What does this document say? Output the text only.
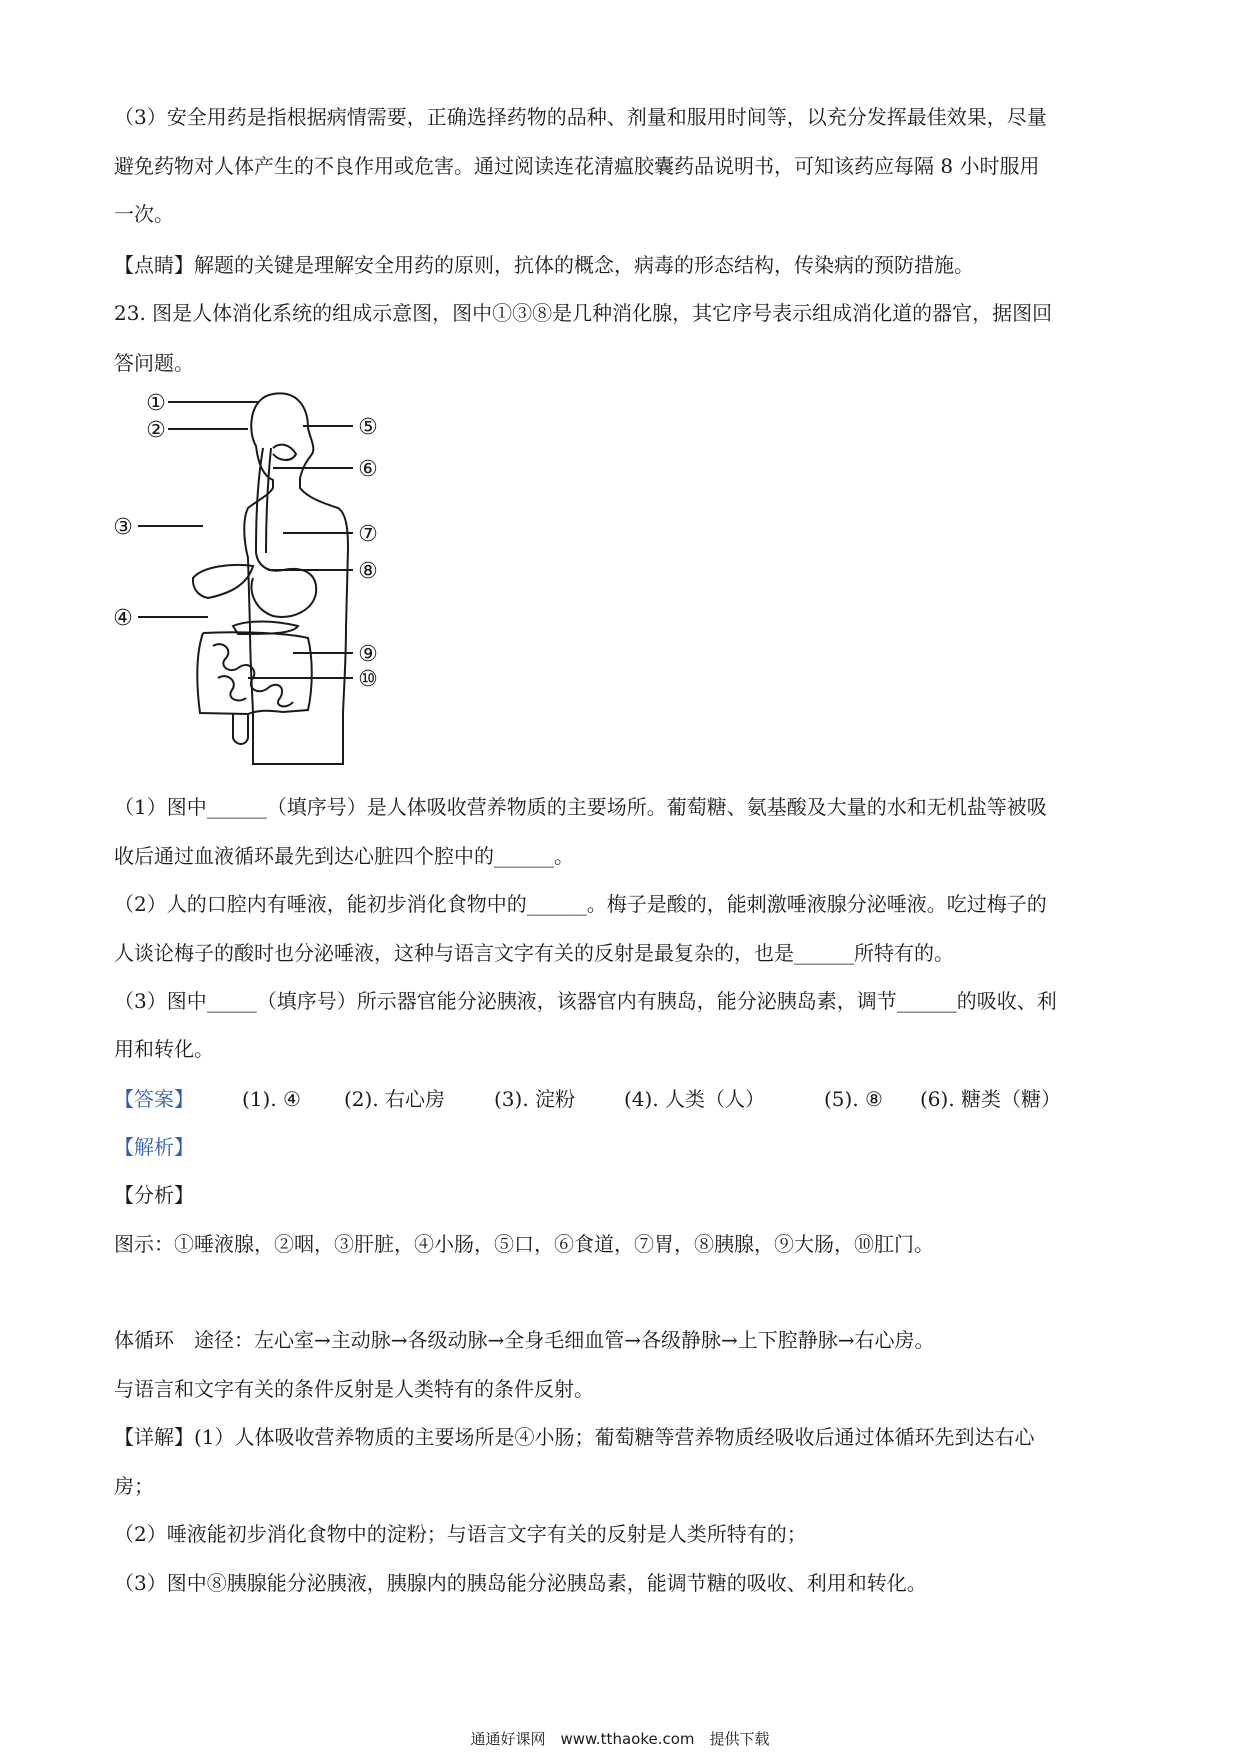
（3）安全用药是指根据病情需要，正确选择药物的品种、剂量和服用时间等，以充分发挥最佳效果，尽量
避免药物对人体产生的不良作用或危害。通过阅读连花清瘟胶囊药品说明书，可知该药应每隔 8 小时服用
一次。
【点睛】解题的关键是理解安全用药的原则，抗体的概念，病毒的形态结构，传染病的预防措施。
23. 图是人体消化系统的组成示意图，图中①③⑧是几种消化腺，其它序号表示组成消化道的器官，据图回
答问题。
①
②	⑤
⑥
③	⑦
⑧
④
⑨
⑩
（1）图中______（填序号）是人体吸收营养物质的主要场所。葡萄糖、氨基酸及大量的水和无机盐等被吸
收后通过血液循环最先到达心脏四个腔中的______。
（2）人的口腔内有唾液，能初步消化食物中的______。梅子是酸的，能刺激唾液腺分泌唾液。吃过梅子的
人谈论梅子的酸时也分泌唾液，这种与语言文字有关的反射是最复杂的，也是______所特有的。
（3）图中_____（填序号）所示器官能分泌胰液，该器官内有胰岛，能分泌胰岛素，调节______的吸收、利
用和转化。
【答案】 (1). ④ (2). 右心房 (3). 淀粉 (4). 人类（人）	(5). ⑧ (6). 糖类（糖）
【解析】
【分析】
图示：①唾液腺，②咽，③肝脏，④小肠，⑤口，⑥食道，⑦胃，⑧胰腺，⑨大肠，⑩肛门。
体循环　途径：左心室→主动脉→各级动脉→全身毛细血管→各级静脉→上下腔静脉→右心房。
与语言和文字有关的条件反射是人类特有的条件反射。
【详解】(1）人体吸收营养物质的主要场所是④小肠；葡萄糖等营养物质经吸收后通过体循环先到达右心
房；
（2）唾液能初步消化食物中的淀粉；与语言文字有关的反射是人类所特有的；
（3）图中⑧胰腺能分泌胰液，胰腺内的胰岛能分泌胰岛素，能调节糖的吸收、利用和转化。
通通好课网　www.tthaoke.com　提供下载
